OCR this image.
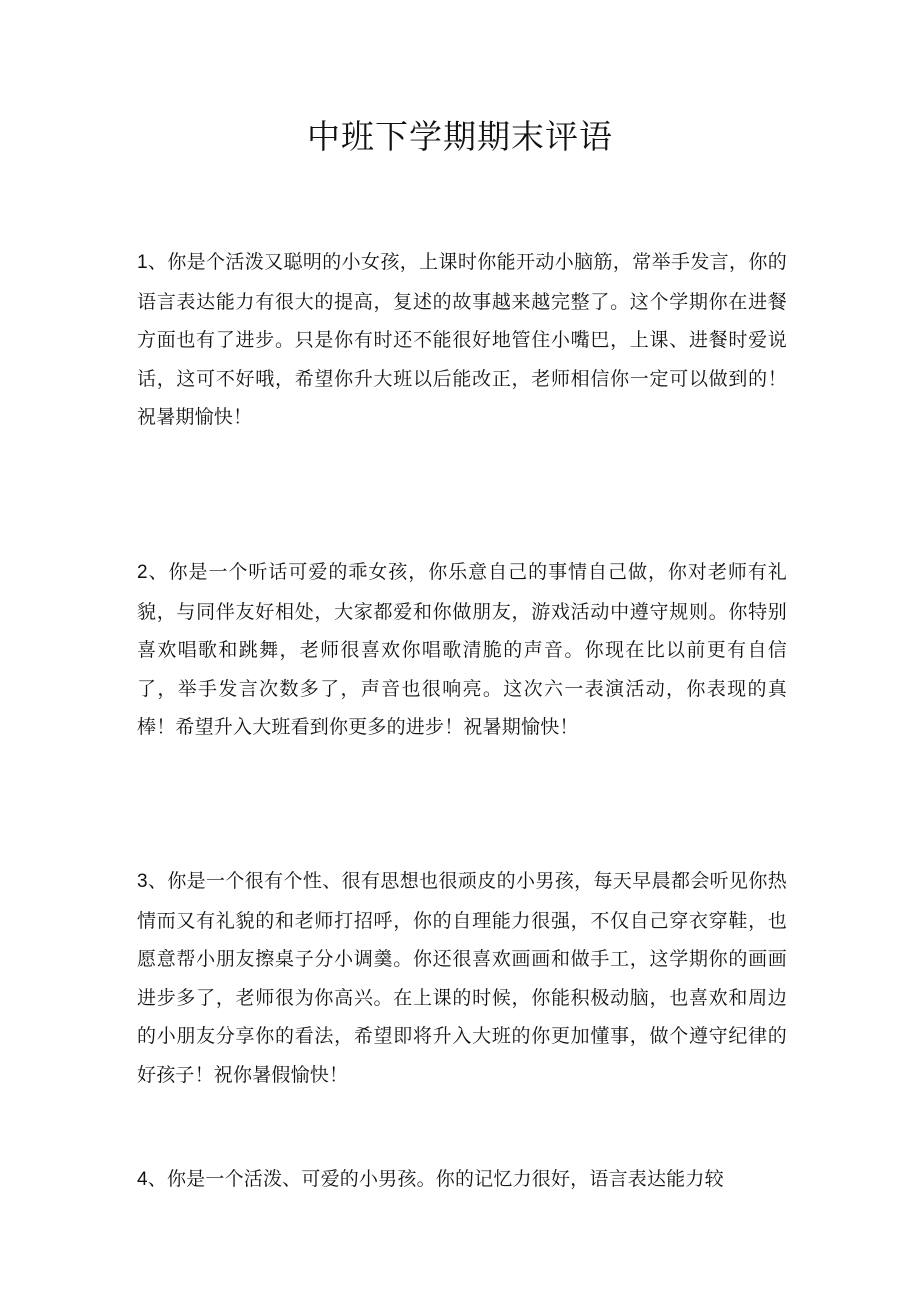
中班下学期期末评语

1、你是个活泼又聪明的小女孩，上课时你能开动小脑筋，常举手发言，你的语言表达能力有很大的提高，复述的故事越来越完整了。这个学期你在进餐方面也有了进步。只是你有时还不能很好地管住小嘴巴，上课、进餐时爱说话，这可不好哦，希望你升大班以后能改正，老师相信你一定可以做到的！祝暑期愉快！

2、你是一个听话可爱的乖女孩，你乐意自己的事情自己做，你对老师有礼貌，与同伴友好相处，大家都爱和你做朋友，游戏活动中遵守规则。你特别喜欢唱歌和跳舞，老师很喜欢你唱歌清脆的声音。你现在比以前更有自信了，举手发言次数多了，声音也很响亮。这次六一表演活动，你表现的真棒！希望升入大班看到你更多的进步！祝暑期愉快！

3、你是一个很有个性、很有思想也很顽皮的小男孩，每天早晨都会听见你热情而又有礼貌的和老师打招呼，你的自理能力很强，不仅自己穿衣穿鞋，也愿意帮小朋友擦桌子分小调羹。你还很喜欢画画和做手工，这学期你的画画进步多了，老师很为你高兴。在上课的时候，你能积极动脑，也喜欢和周边的小朋友分享你的看法，希望即将升入大班的你更加懂事，做个遵守纪律的好孩子！祝你暑假愉快！

4、你是一个活泼、可爱的小男孩。你的记忆力很好，语言表达能力较
